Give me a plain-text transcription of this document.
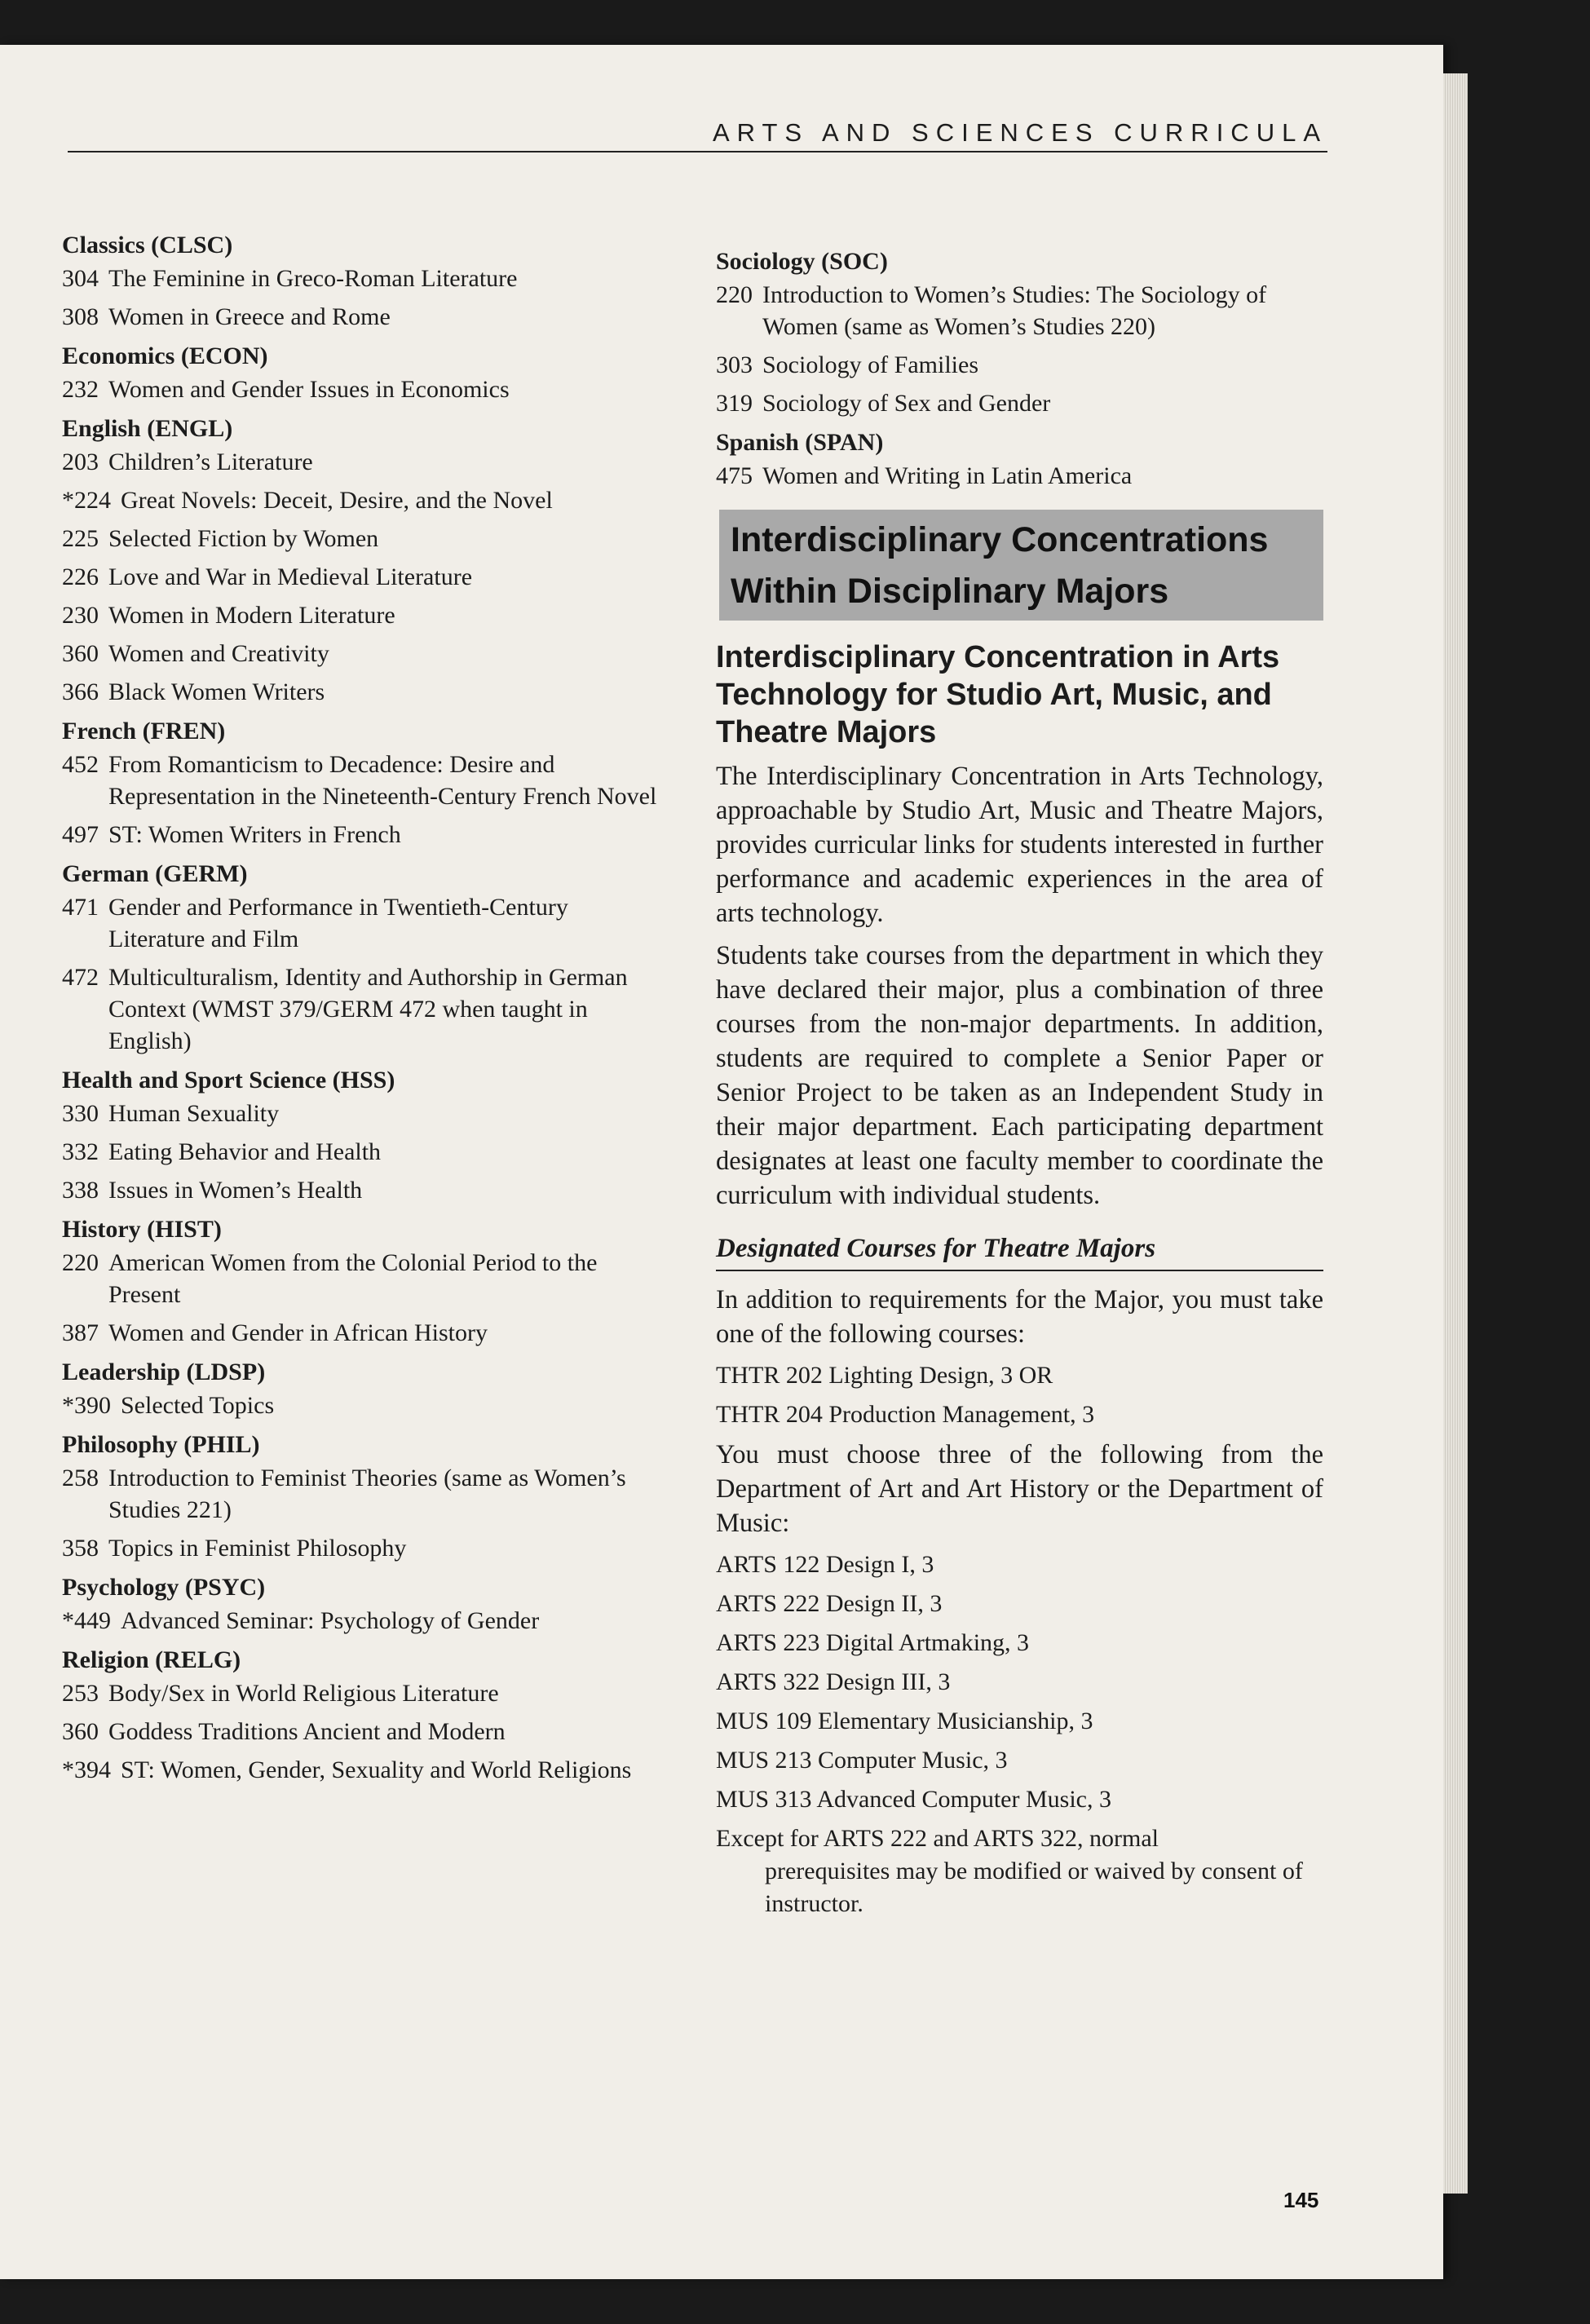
ARTS AND SCIENCES CURRICULA
Classics (CLSC)
304 The Feminine in Greco-Roman Literature
308 Women in Greece and Rome
Economics (ECON)
232 Women and Gender Issues in Economics
English (ENGL)
203 Children’s Literature
*224 Great Novels: Deceit, Desire, and the Novel
225 Selected Fiction by Women
226 Love and War in Medieval Literature
230 Women in Modern Literature
360 Women and Creativity
366 Black Women Writers
French (FREN)
452 From Romanticism to Decadence: Desire and Representation in the Nineteenth-Century French Novel
497 ST: Women Writers in French
German (GERM)
471 Gender and Performance in Twentieth-Century Literature and Film
472 Multiculturalism, Identity and Authorship in German Context (WMST 379/GERM 472 when taught in English)
Health and Sport Science (HSS)
330 Human Sexuality
332 Eating Behavior and Health
338 Issues in Women’s Health
History (HIST)
220 American Women from the Colonial Period to the Present
387 Women and Gender in African History
Leadership (LDSP)
*390 Selected Topics
Philosophy (PHIL)
258 Introduction to Feminist Theories (same as Women’s Studies 221)
358 Topics in Feminist Philosophy
Psychology (PSYC)
*449 Advanced Seminar: Psychology of Gender
Religion (RELG)
253 Body/Sex in World Religious Literature
360 Goddess Traditions Ancient and Modern
*394 ST: Women, Gender, Sexuality and World Religions
Sociology (SOC)
220 Introduction to Women’s Studies: The Sociology of Women (same as Women’s Studies 220)
303 Sociology of Families
319 Sociology of Sex and Gender
Spanish (SPAN)
475 Women and Writing in Latin America
Interdisciplinary Concentrations
Within Disciplinary Majors
Interdisciplinary Concentration in Arts Technology for Studio Art, Music, and Theatre Majors

The Interdisciplinary Concentration in Arts Technology, approachable by Studio Art, Music and Theatre Majors, provides curricular links for students interested in further performance and academic experiences in the area of arts technology.

Students take courses from the department in which they have declared their major, plus a combination of three courses from the non-major departments. In addition, students are required to complete a Senior Paper or Senior Project to be taken as an Independent Study in their major department. Each participating department designates at least one faculty member to coordinate the curriculum with individual students.

Designated Courses for Theatre Majors

In addition to requirements for the Major, you must take one of the following courses:

THTR 202 Lighting Design, 3 OR
THTR 204 Production Management, 3

You must choose three of the following from the Department of Art and Art History or the Department of Music:

ARTS 122 Design I, 3
ARTS 222 Design II, 3
ARTS 223 Digital Artmaking, 3
ARTS 322 Design III, 3
MUS 109 Elementary Musicianship, 3
MUS 213 Computer Music, 3
MUS 313 Advanced Computer Music, 3
Except for ARTS 222 and ARTS 322, normal
prerequisites may be modified or waived by consent of instructor.
145
